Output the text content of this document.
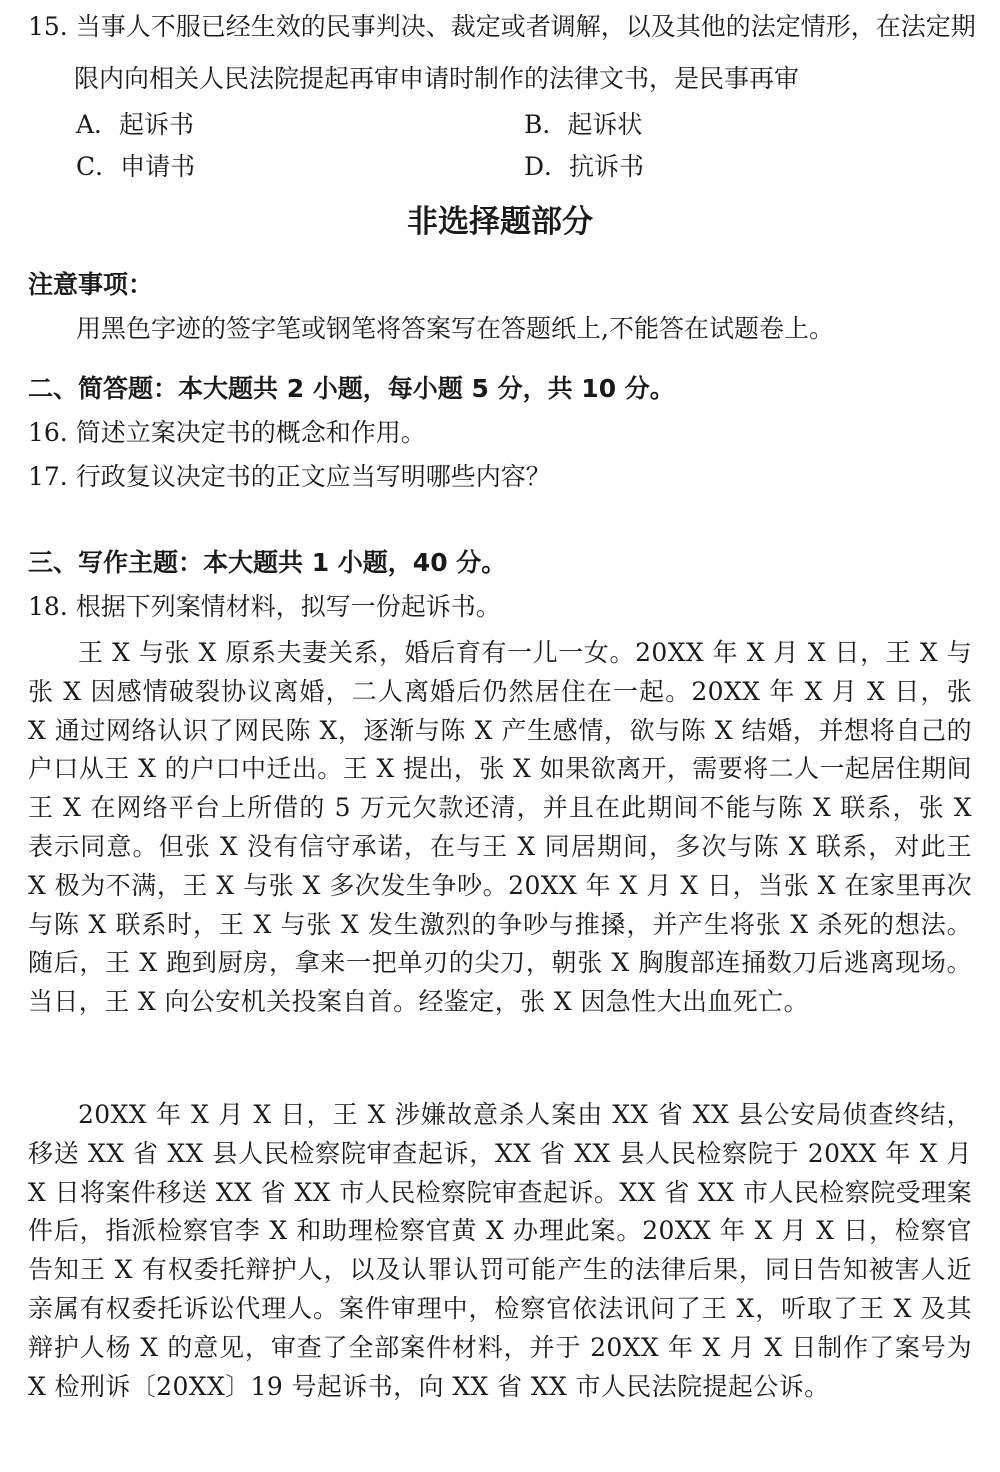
15. 当事人不服已经生效的民事判决、裁定或者调解，以及其他的法定情形，在法定期
限内向相关人民法院提起再审申请时制作的法律文书，是民事再审
A．起诉书	B．起诉状
C．申请书	D．抗诉书
非选择题部分
注意事项：
用黑色字迹的签字笔或钢笔将答案写在答题纸上,不能答在试题卷上。
二、简答题：本大题共 2 小题，每小题 5 分，共 10 分。
16. 简述立案决定书的概念和作用。
17. 行政复议决定书的正文应当写明哪些内容？
三、写作主题：本大题共 1 小题，40 分。
18. 根据下列案情材料，拟写一份起诉书。
王 X 与张 X 原系夫妻关系，婚后育有一儿一女。20XX 年 X 月 X 日，王 X 与张 X 因感情破裂协议离婚，二人离婚后仍然居住在一起。20XX 年 X 月 X 日，张 X 通过网络认识了网民陈 X，逐渐与陈 X 产生感情，欲与陈 X 结婚，并想将自己的户口从王 X 的户口中迁出。王 X 提出，张 X 如果欲离开，需要将二人一起居住期间王 X 在网络平台上所借的 5 万元欠款还清，并且在此期间不能与陈 X 联系，张 X 表示同意。但张 X 没有信守承诺，在与王 X 同居期间，多次与陈 X 联系，对此王 X 极为不满，王 X 与张 X 多次发生争吵。20XX 年 X 月 X 日，当张 X 在家里再次与陈 X 联系时，王 X 与张 X 发生激烈的争吵与推搡，并产生将张 X 杀死的想法。随后，王 X 跑到厨房，拿来一把单刃的尖刀，朝张 X 胸腹部连捅数刀后逃离现场。当日，王 X 向公安机关投案自首。经鉴定，张 X 因急性大出血死亡。
20XX 年 X 月 X 日，王 X 涉嫌故意杀人案由 XX 省 XX 县公安局侦查终结，移送 XX 省 XX 县人民检察院审查起诉，XX 省 XX 县人民检察院于 20XX 年 X 月 X 日将案件移送 XX 省 XX 市人民检察院审查起诉。XX 省 XX 市人民检察院受理案件后，指派检察官李 X 和助理检察官黄 X 办理此案。20XX 年 X 月 X 日，检察官告知王 X 有权委托辩护人，以及认罪认罚可能产生的法律后果，同日告知被害人近亲属有权委托诉讼代理人。案件审理中，检察官依法讯问了王 X，听取了王 X 及其辩护人杨 X 的意见，审查了全部案件材料，并于 20XX 年 X 月 X 日制作了案号为 X 检刑诉〔20XX〕19 号起诉书，向 XX 省 XX 市人民法院提起公诉。
